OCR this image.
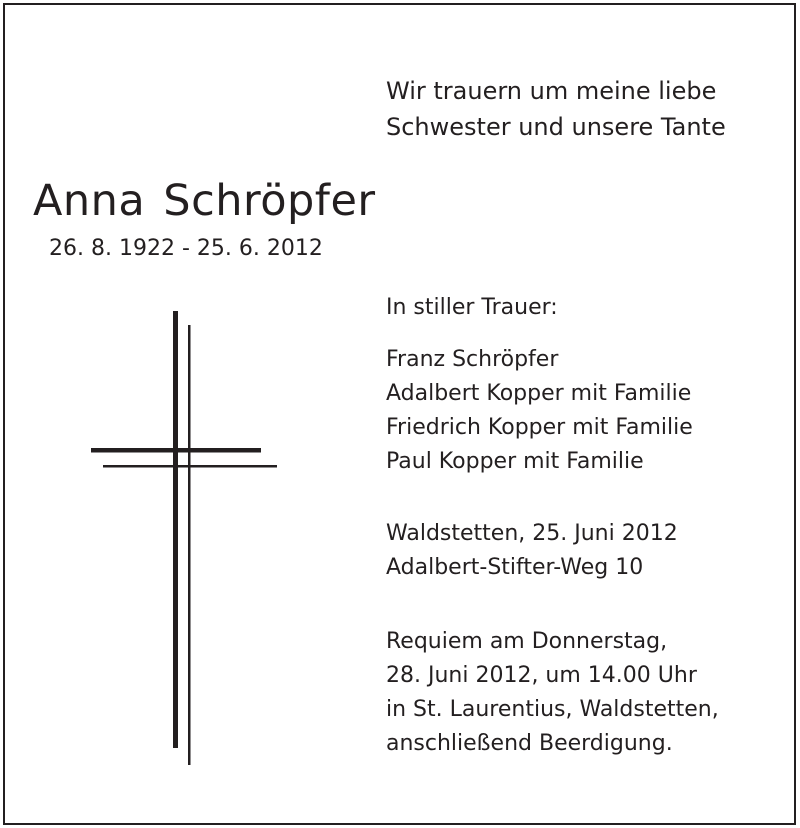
Wir trauern um meine liebe
Schwester und unsere Tante
Anna Schröpfer
26. 8. 1922 - 25. 6. 2012
In stiller Trauer:
Franz Schröpfer
Adalbert Kopper mit Familie
Friedrich Kopper mit Familie
Paul Kopper mit Familie
Waldstetten, 25. Juni 2012
Adalbert-Stifter-Weg 10
Requiem am Donnerstag,
28. Juni 2012, um 14.00 Uhr
in St. Laurentius, Waldstetten,
anschließend Beerdigung.
